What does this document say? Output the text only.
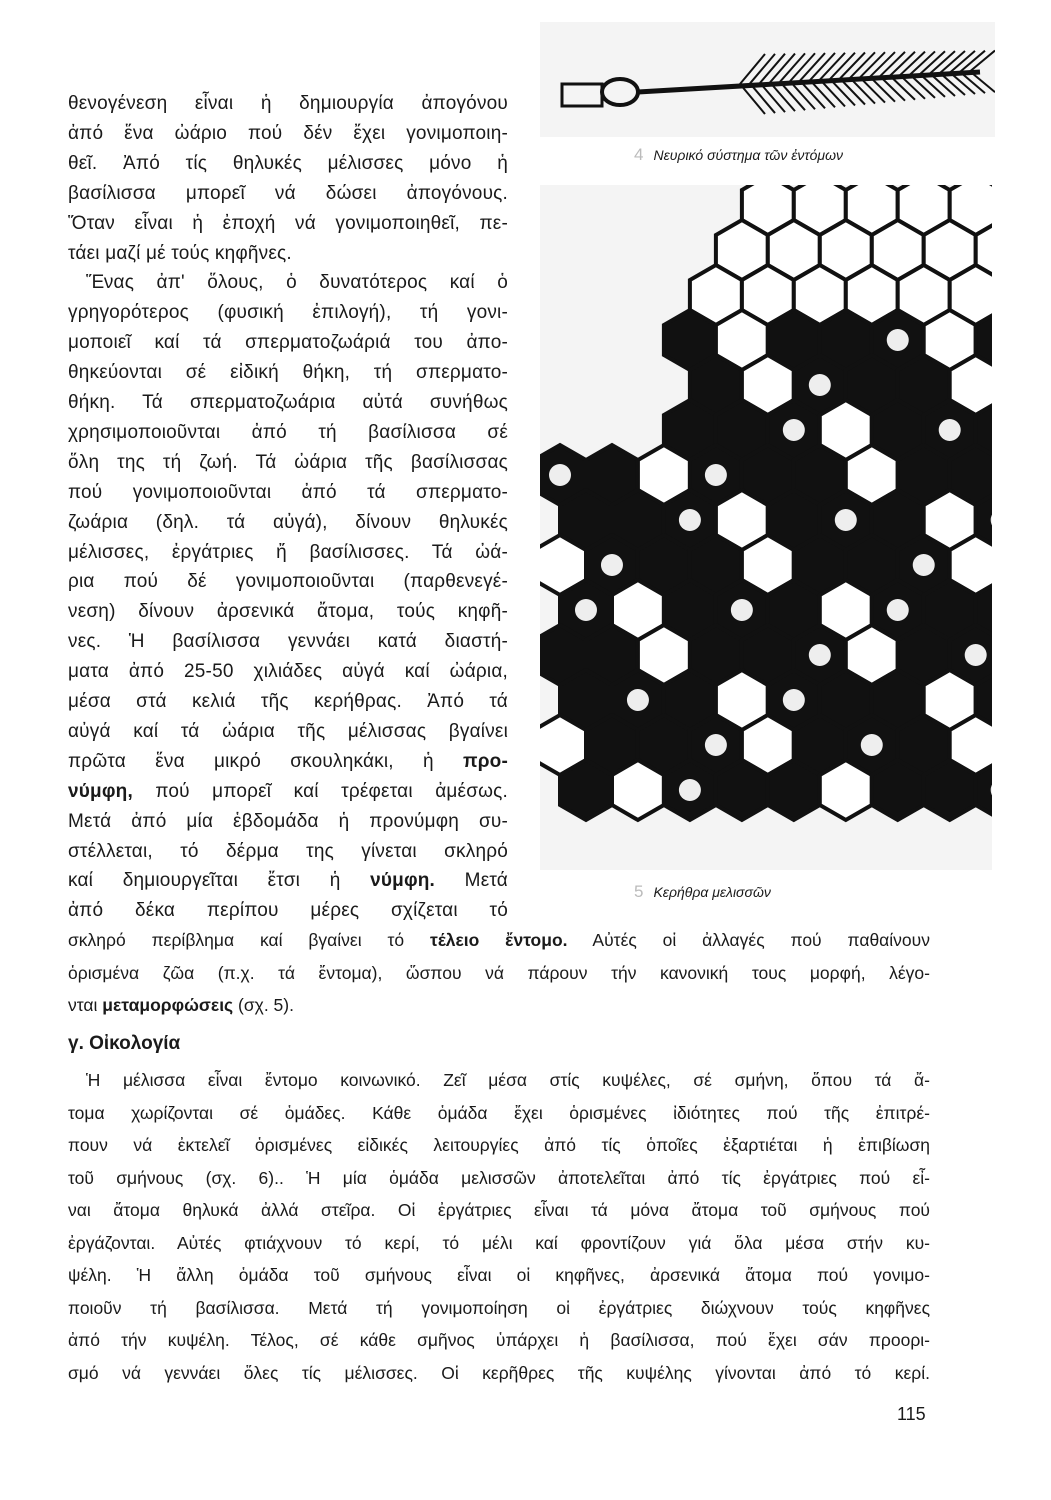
θενογένεση εἶναι ἡ δημιουργία ἀπογόνου
ἀπό ἕνα ὠάριο πού δέν ἔχει γονιμοποιη-
θεῖ. Ἀπό τίς θηλυκές μέλισσες μόνο ἡ
βασίλισσα μπορεῖ νά δώσει ἀπογόνους.
Ὅταν εἶναι ἡ ἐποχή νά γονιμοποιηθεῖ, πε-
τάει μαζί μέ τούς κηφῆνες.
Ἕνας ἀπ' ὅλους, ὁ δυνατότερος καί ὁ
γρηγορότερος (φυσική ἐπιλογή), τή γονι-
μοποιεῖ καί τά σπερματοζωάριά του ἀπο-
θηκεύονται σέ εἰδική θήκη, τή σπερματο-
θήκη. Τά σπερματοζωάρια αὐτά συνήθως
χρησιμοποιοῦνται ἀπό τή βασίλισσα σέ
ὅλη της τή ζωή. Τά ὠάρια τῆς βασίλισσας
πού γονιμοποιοῦνται ἀπό τά σπερματο-
ζωάρια (δηλ. τά αὐγά), δίνουν θηλυκές
μέλισσες, ἐργάτριες ἤ βασίλισσες. Τά ὠά-
ρια πού δέ γονιμοποιοῦνται (παρθενεγέ-
νεση) δίνουν ἀρσενικά ἄτομα, τούς κηφῆ-
νες. Ἡ βασίλισσα γεννάει κατά διαστή-
ματα ἀπό 25-50 χιλιάδες αὐγά καί ὠάρια,
μέσα στά κελιά τῆς κερήθρας. Ἀπό τά
αὐγά καί τά ὠάρια τῆς μέλισσας βγαίνει
πρῶτα ἕνα μικρό σκουληκάκι, ἡ προ-
νύμφη, πού μπορεῖ καί τρέφεται ἀμέσως.
Μετά ἀπό μία ἑβδομάδα ἡ προνύμφη συ-
στέλλεται, τό δέρμα της γίνεται σκληρό
καί δημιουργεῖται ἔτσι ἡ νύμφη. Μετά
ἀπό δέκα περίπου μέρες σχίζεται τό
σκληρό περίβλημα καί βγαίνει τό τέλειο ἔντομο. Αὐτές οἱ ἀλλαγές πού παθαίνουν
ὁρισμένα ζῶα (π.χ. τά ἔντομα), ὥσπου νά πάρουν τήν κανονική τους μορφή, λέγο-
νται μεταμορφώσεις (σχ. 5).
γ. Οἰκολογία
Ἡ μέλισσα εἶναι ἔντομο κοινωνικό. Ζεῖ μέσα στίς κυψέλες, σέ σμήνη, ὅπου τά ἄ-
τομα χωρίζονται σέ ὁμάδες. Κάθε ὁμάδα ἔχει ὁρισμένες ἰδιότητες πού τῆς ἐπιτρέ-
πουν νά ἐκτελεῖ ὁρισμένες εἰδικές λειτουργίες ἀπό τίς ὁποῖες ἐξαρτιέται ἡ ἐπιβίωση
τοῦ σμήνους (σχ. 6).. Ἡ μία ὁμάδα μελισσῶν ἀποτελεῖται ἀπό τίς ἐργάτριες πού εἶ-
ναι ἄτομα θηλυκά ἀλλά στεῖρα. Οἱ ἐργάτριες εἶναι τά μόνα ἄτομα τοῦ σμήνους πού
ἐργάζονται. Αὐτές φτιάχνουν τό κερί, τό μέλι καί φροντίζουν γιά ὅλα μέσα στήν κυ-
ψέλη. Ἡ ἄλλη ὁμάδα τοῦ σμήνους εἶναι οἱ κηφῆνες, ἀρσενικά ἄτομα πού γονιμο-
ποιοῦν τή βασίλισσα. Μετά τή γονιμοποίηση οἱ ἐργάτριες διώχνουν τούς κηφῆνες
ἀπό τήν κυψέλη. Τέλος, σέ κάθε σμῆνος ὑπάρχει ἡ βασίλισσα, πού ἔχει σάν προορι-
σμό νά γεννάει ὅλες τίς μέλισσες. Οἱ κερῆθρες τῆς κυψέλης γίνονται ἀπό τό κερί.
4 Νευρικό σύστημα τῶν ἐντόμων
5 Κερήθρα μελισσῶν
115
